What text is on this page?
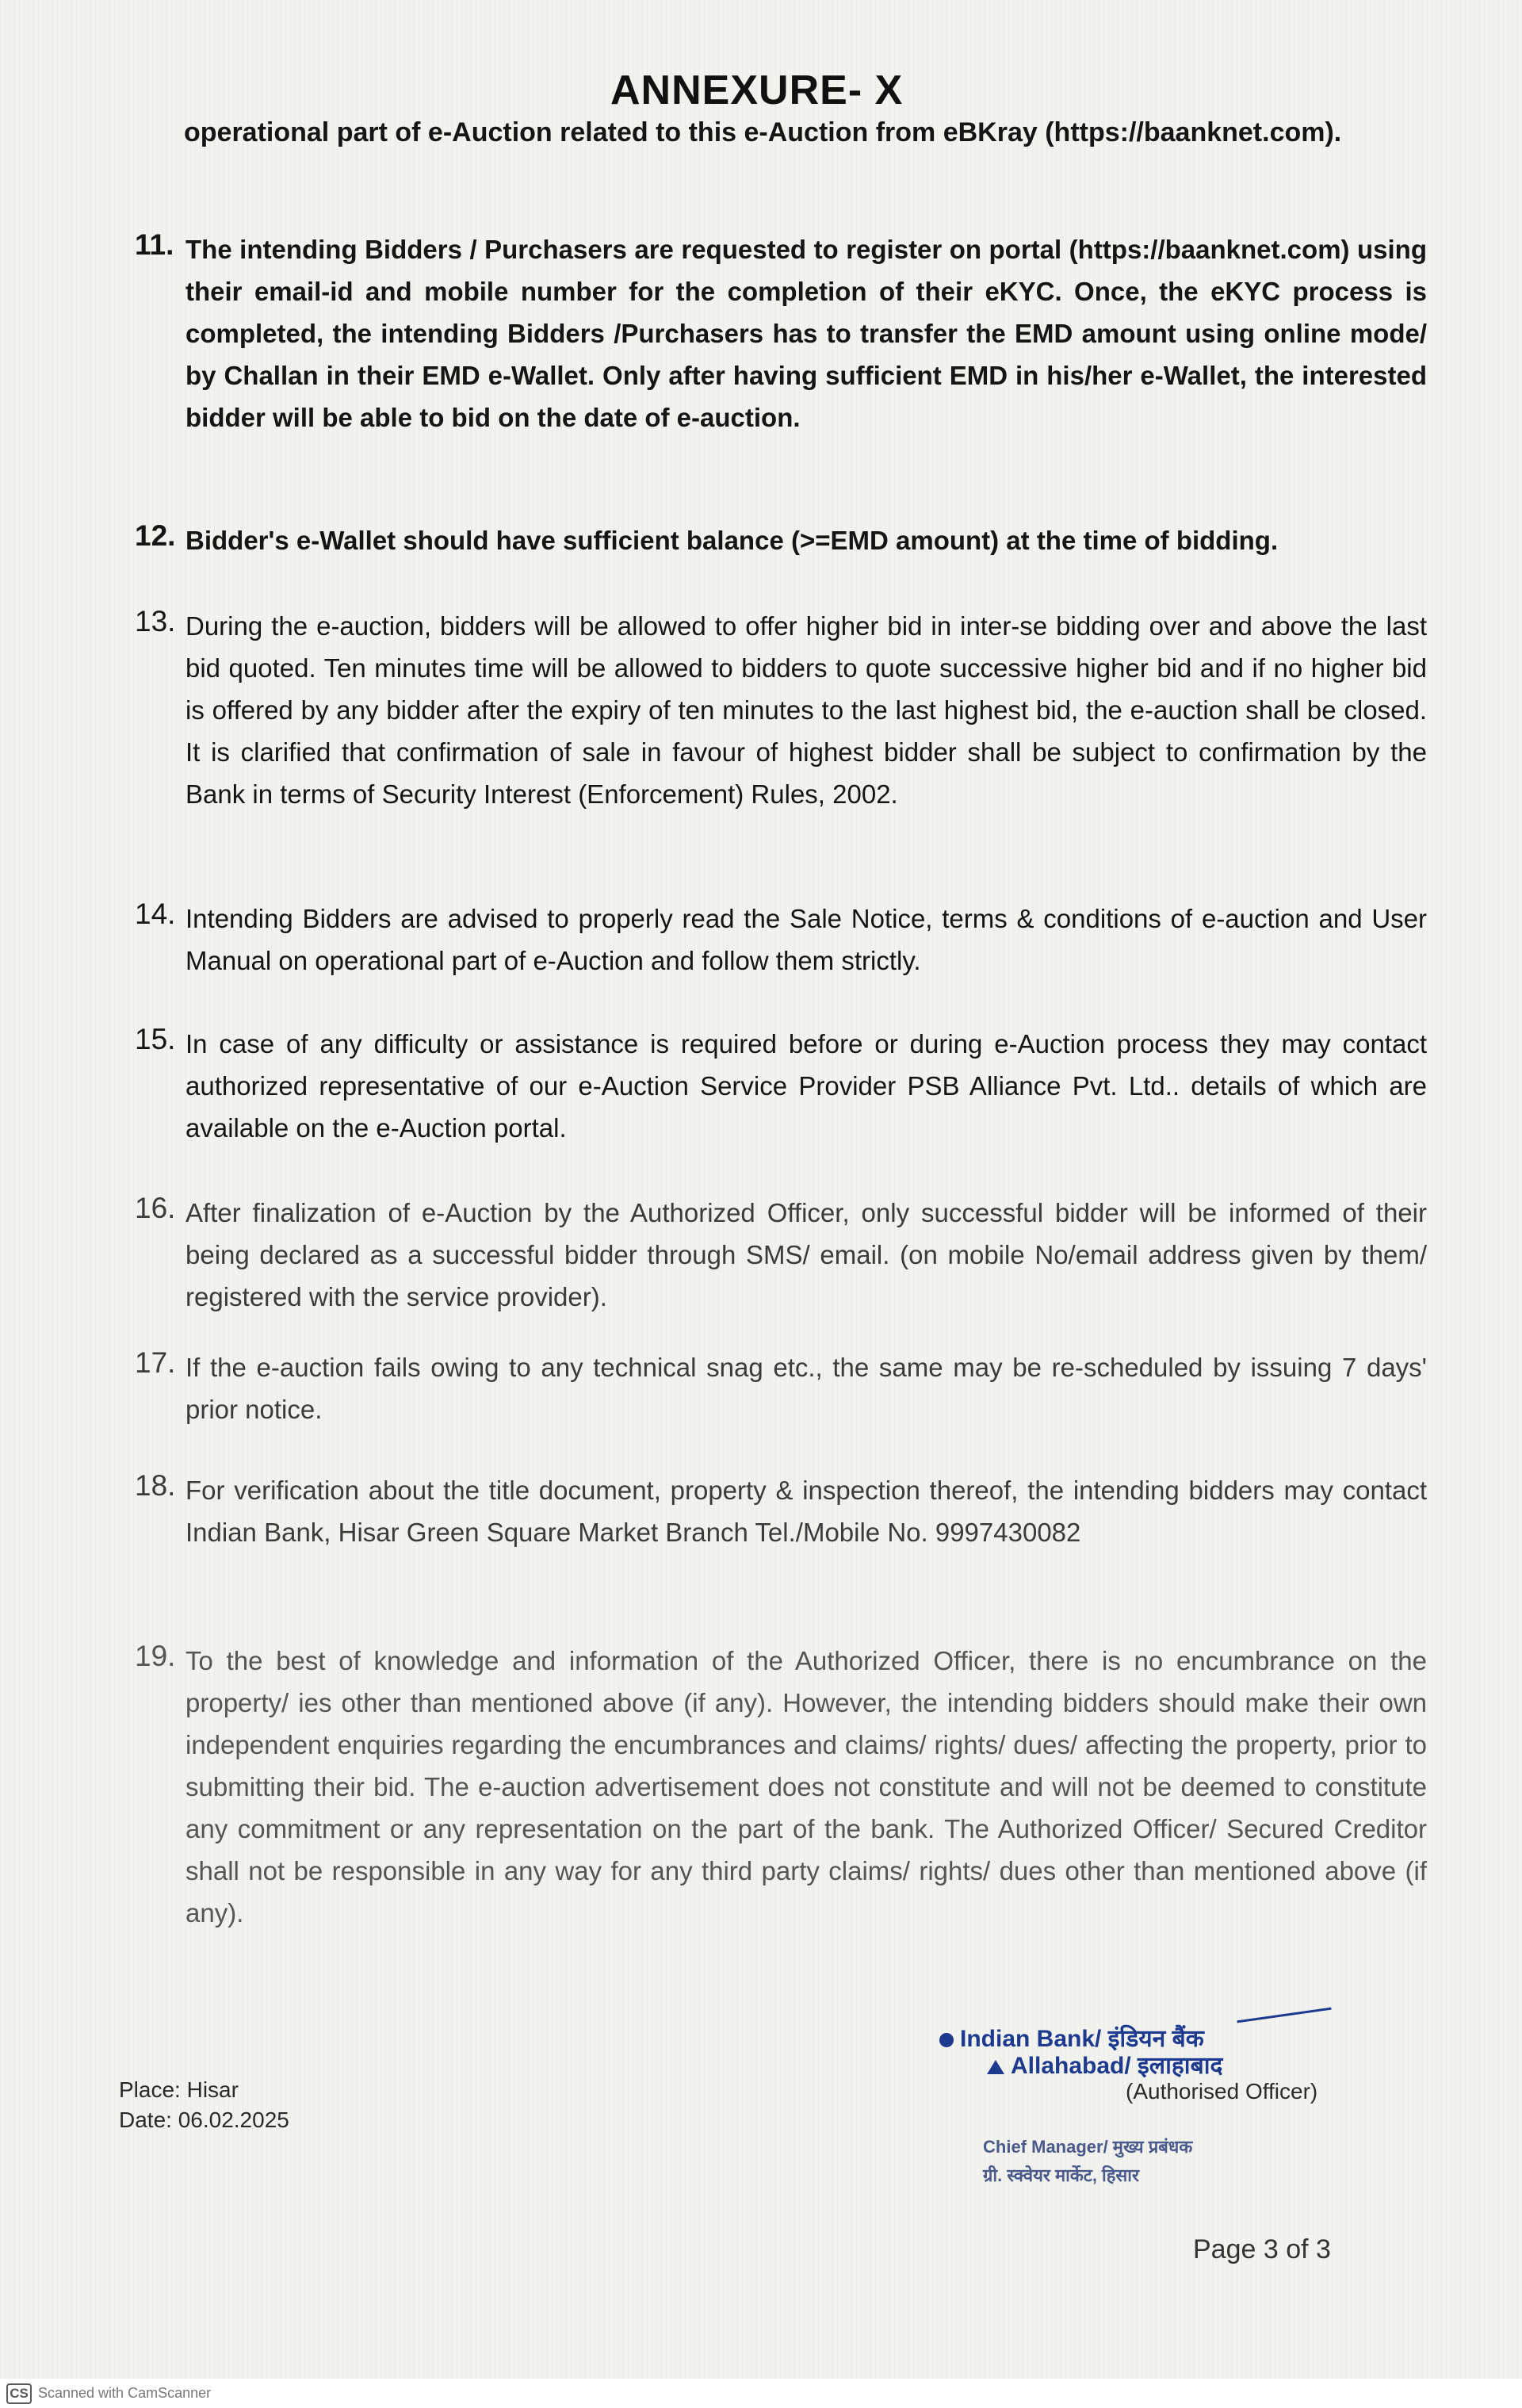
ANNEXURE- X
operational part of e-Auction related to this e-Auction from eBKray (https://baanknet.com).
11. The intending Bidders / Purchasers are requested to register on portal (https://baanknet.com) using their email-id and mobile number for the completion of their eKYC. Once, the eKYC process is completed, the intending Bidders /Purchasers has to transfer the EMD amount using online mode/ by Challan in their EMD e-Wallet. Only after having sufficient EMD in his/her e-Wallet, the interested bidder will be able to bid on the date of e-auction.
12. Bidder's e-Wallet should have sufficient balance (>=EMD amount) at the time of bidding.
13. During the e-auction, bidders will be allowed to offer higher bid in inter-se bidding over and above the last bid quoted. Ten minutes time will be allowed to bidders to quote successive higher bid and if no higher bid is offered by any bidder after the expiry of ten minutes to the last highest bid, the e-auction shall be closed. It is clarified that confirmation of sale in favour of highest bidder shall be subject to confirmation by the Bank in terms of Security Interest (Enforcement) Rules, 2002.
14. Intending Bidders are advised to properly read the Sale Notice, terms & conditions of e-auction and User Manual on operational part of e-Auction and follow them strictly.
15. In case of any difficulty or assistance is required before or during e-Auction process they may contact authorized representative of our e-Auction Service Provider PSB Alliance Pvt. Ltd.. details of which are available on the e-Auction portal.
16. After finalization of e-Auction by the Authorized Officer, only successful bidder will be informed of their being declared as a successful bidder through SMS/ email. (on mobile No/email address given by them/ registered with the service provider).
17. If the e-auction fails owing to any technical snag etc., the same may be re-scheduled by issuing 7 days' prior notice.
18. For verification about the title document, property & inspection thereof, the intending bidders may contact Indian Bank, Hisar Green Square Market Branch Tel./Mobile No. 9997430082
19. To the best of knowledge and information of the Authorized Officer, there is no encumbrance on the property/ ies other than mentioned above (if any). However, the intending bidders should make their own independent enquiries regarding the encumbrances and claims/ rights/ dues/ affecting the property, prior to submitting their bid. The e-auction advertisement does not constitute and will not be deemed to constitute any commitment or any representation on the part of the bank. The Authorized Officer/ Secured Creditor shall not be responsible in any way for any third party claims/ rights/ dues other than mentioned above (if any).
Place: Hisar
Date: 06.02.2025
Indian Bank/ इंडियन बैंक
Allahabad/ इलाहाबाद
(Authorised Officer)
Chief Manager/ मुख्य प्रबंधक
ग्री. स्क्वेयर मार्केट, हिसार
Page 3 of 3
CS Scanned with CamScanner
